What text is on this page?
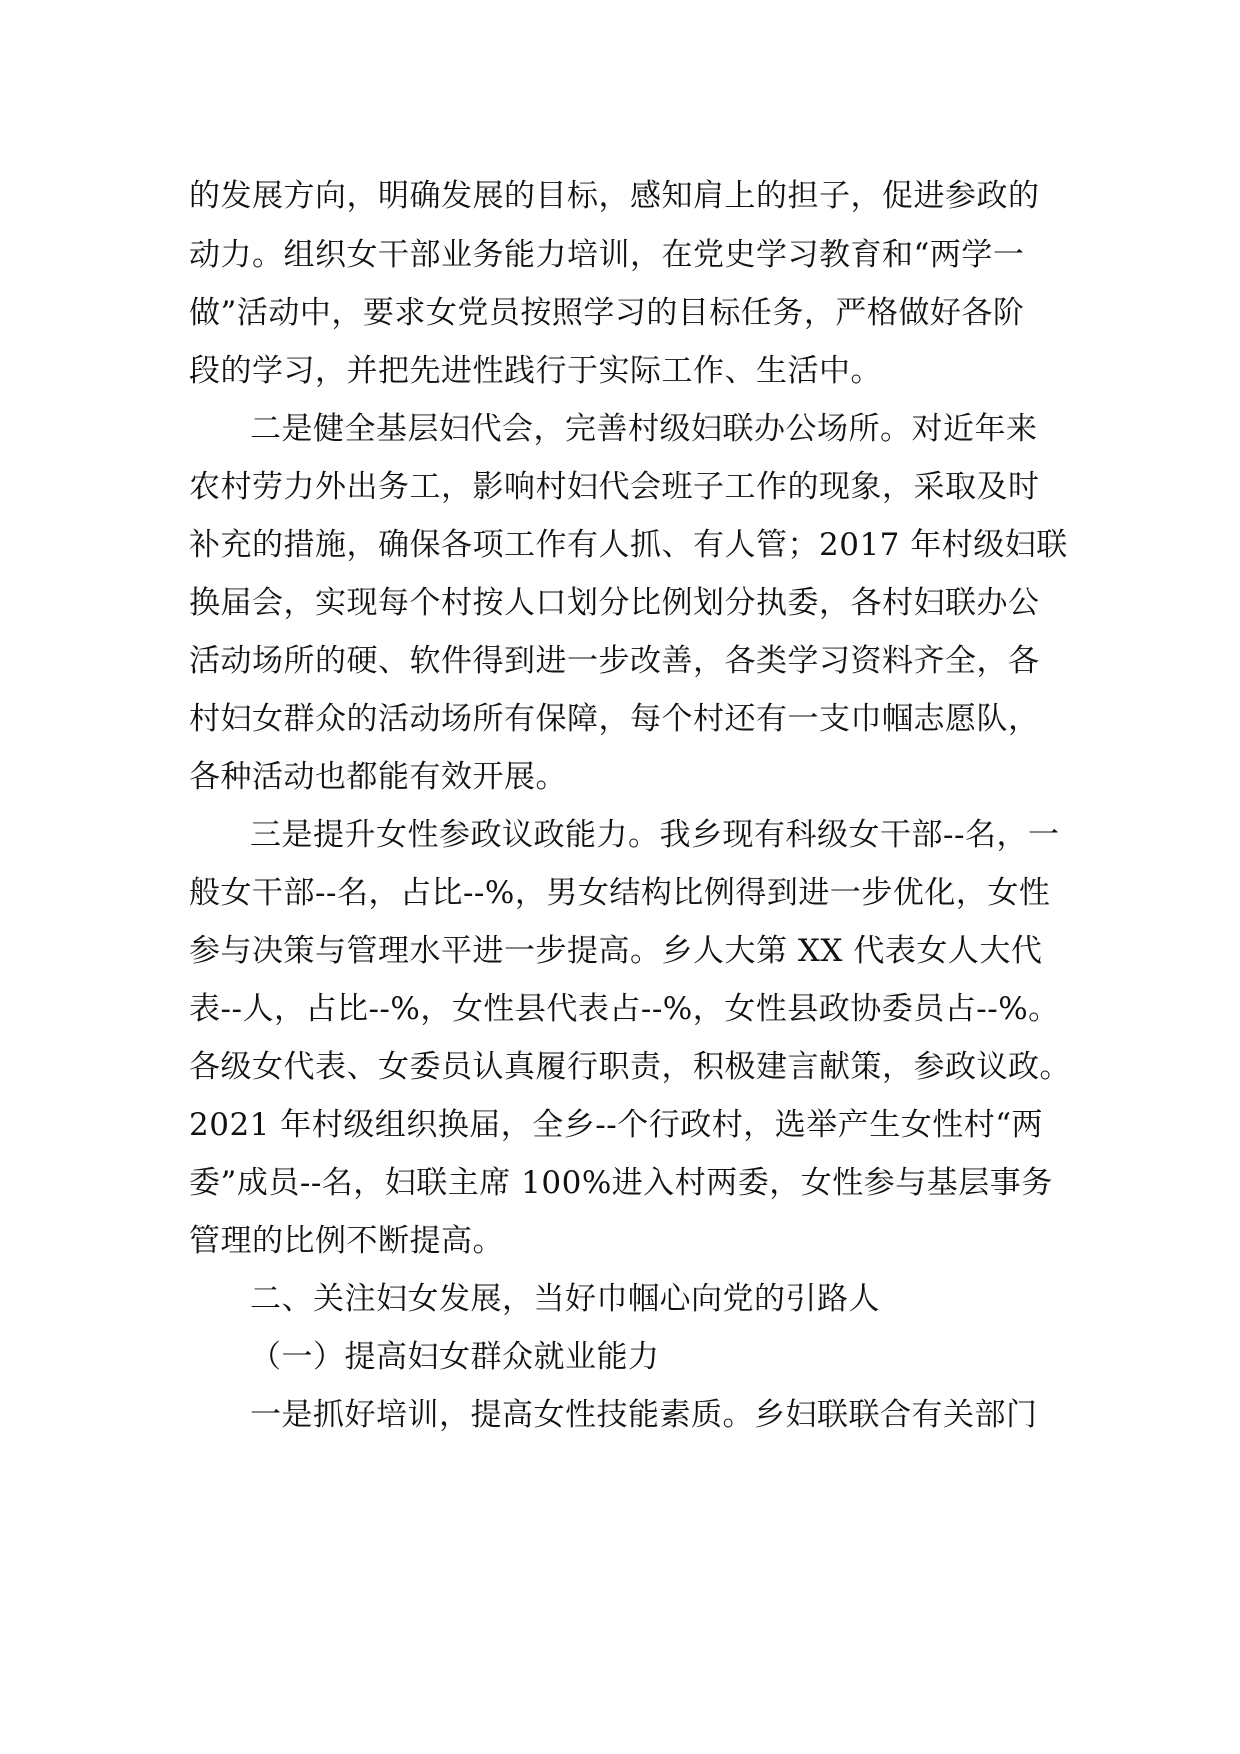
的发展方向，明确发展的目标，感知肩上的担子，促进参政的
动力。组织女干部业务能力培训，在党史学习教育和“两学一
做”活动中，要求女党员按照学习的目标任务，严格做好各阶
段的学习，并把先进性践行于实际工作、生活中。
二是健全基层妇代会，完善村级妇联办公场所。对近年来
农村劳力外出务工，影响村妇代会班子工作的现象，采取及时
补充的措施，确保各项工作有人抓、有人管；2017 年村级妇联
换届会，实现每个村按人口划分比例划分执委，各村妇联办公
活动场所的硬、软件得到进一步改善，各类学习资料齐全，各
村妇女群众的活动场所有保障，每个村还有一支巾帼志愿队，
各种活动也都能有效开展。
三是提升女性参政议政能力。我乡现有科级女干部--名，一
般女干部--名，占比--%，男女结构比例得到进一步优化，女性
参与决策与管理水平进一步提高。乡人大第 XX 代表女人大代
表--人，占比--%，女性县代表占--%，女性县政协委员占--%。
各级女代表、女委员认真履行职责，积极建言献策，参政议政。
2021 年村级组织换届，全乡--个行政村，选举产生女性村“两
委”成员--名，妇联主席 100%进入村两委，女性参与基层事务
管理的比例不断提高。
二、关注妇女发展，当好巾帼心向党的引路人
（一）提高妇女群众就业能力
一是抓好培训，提高女性技能素质。乡妇联联合有关部门
